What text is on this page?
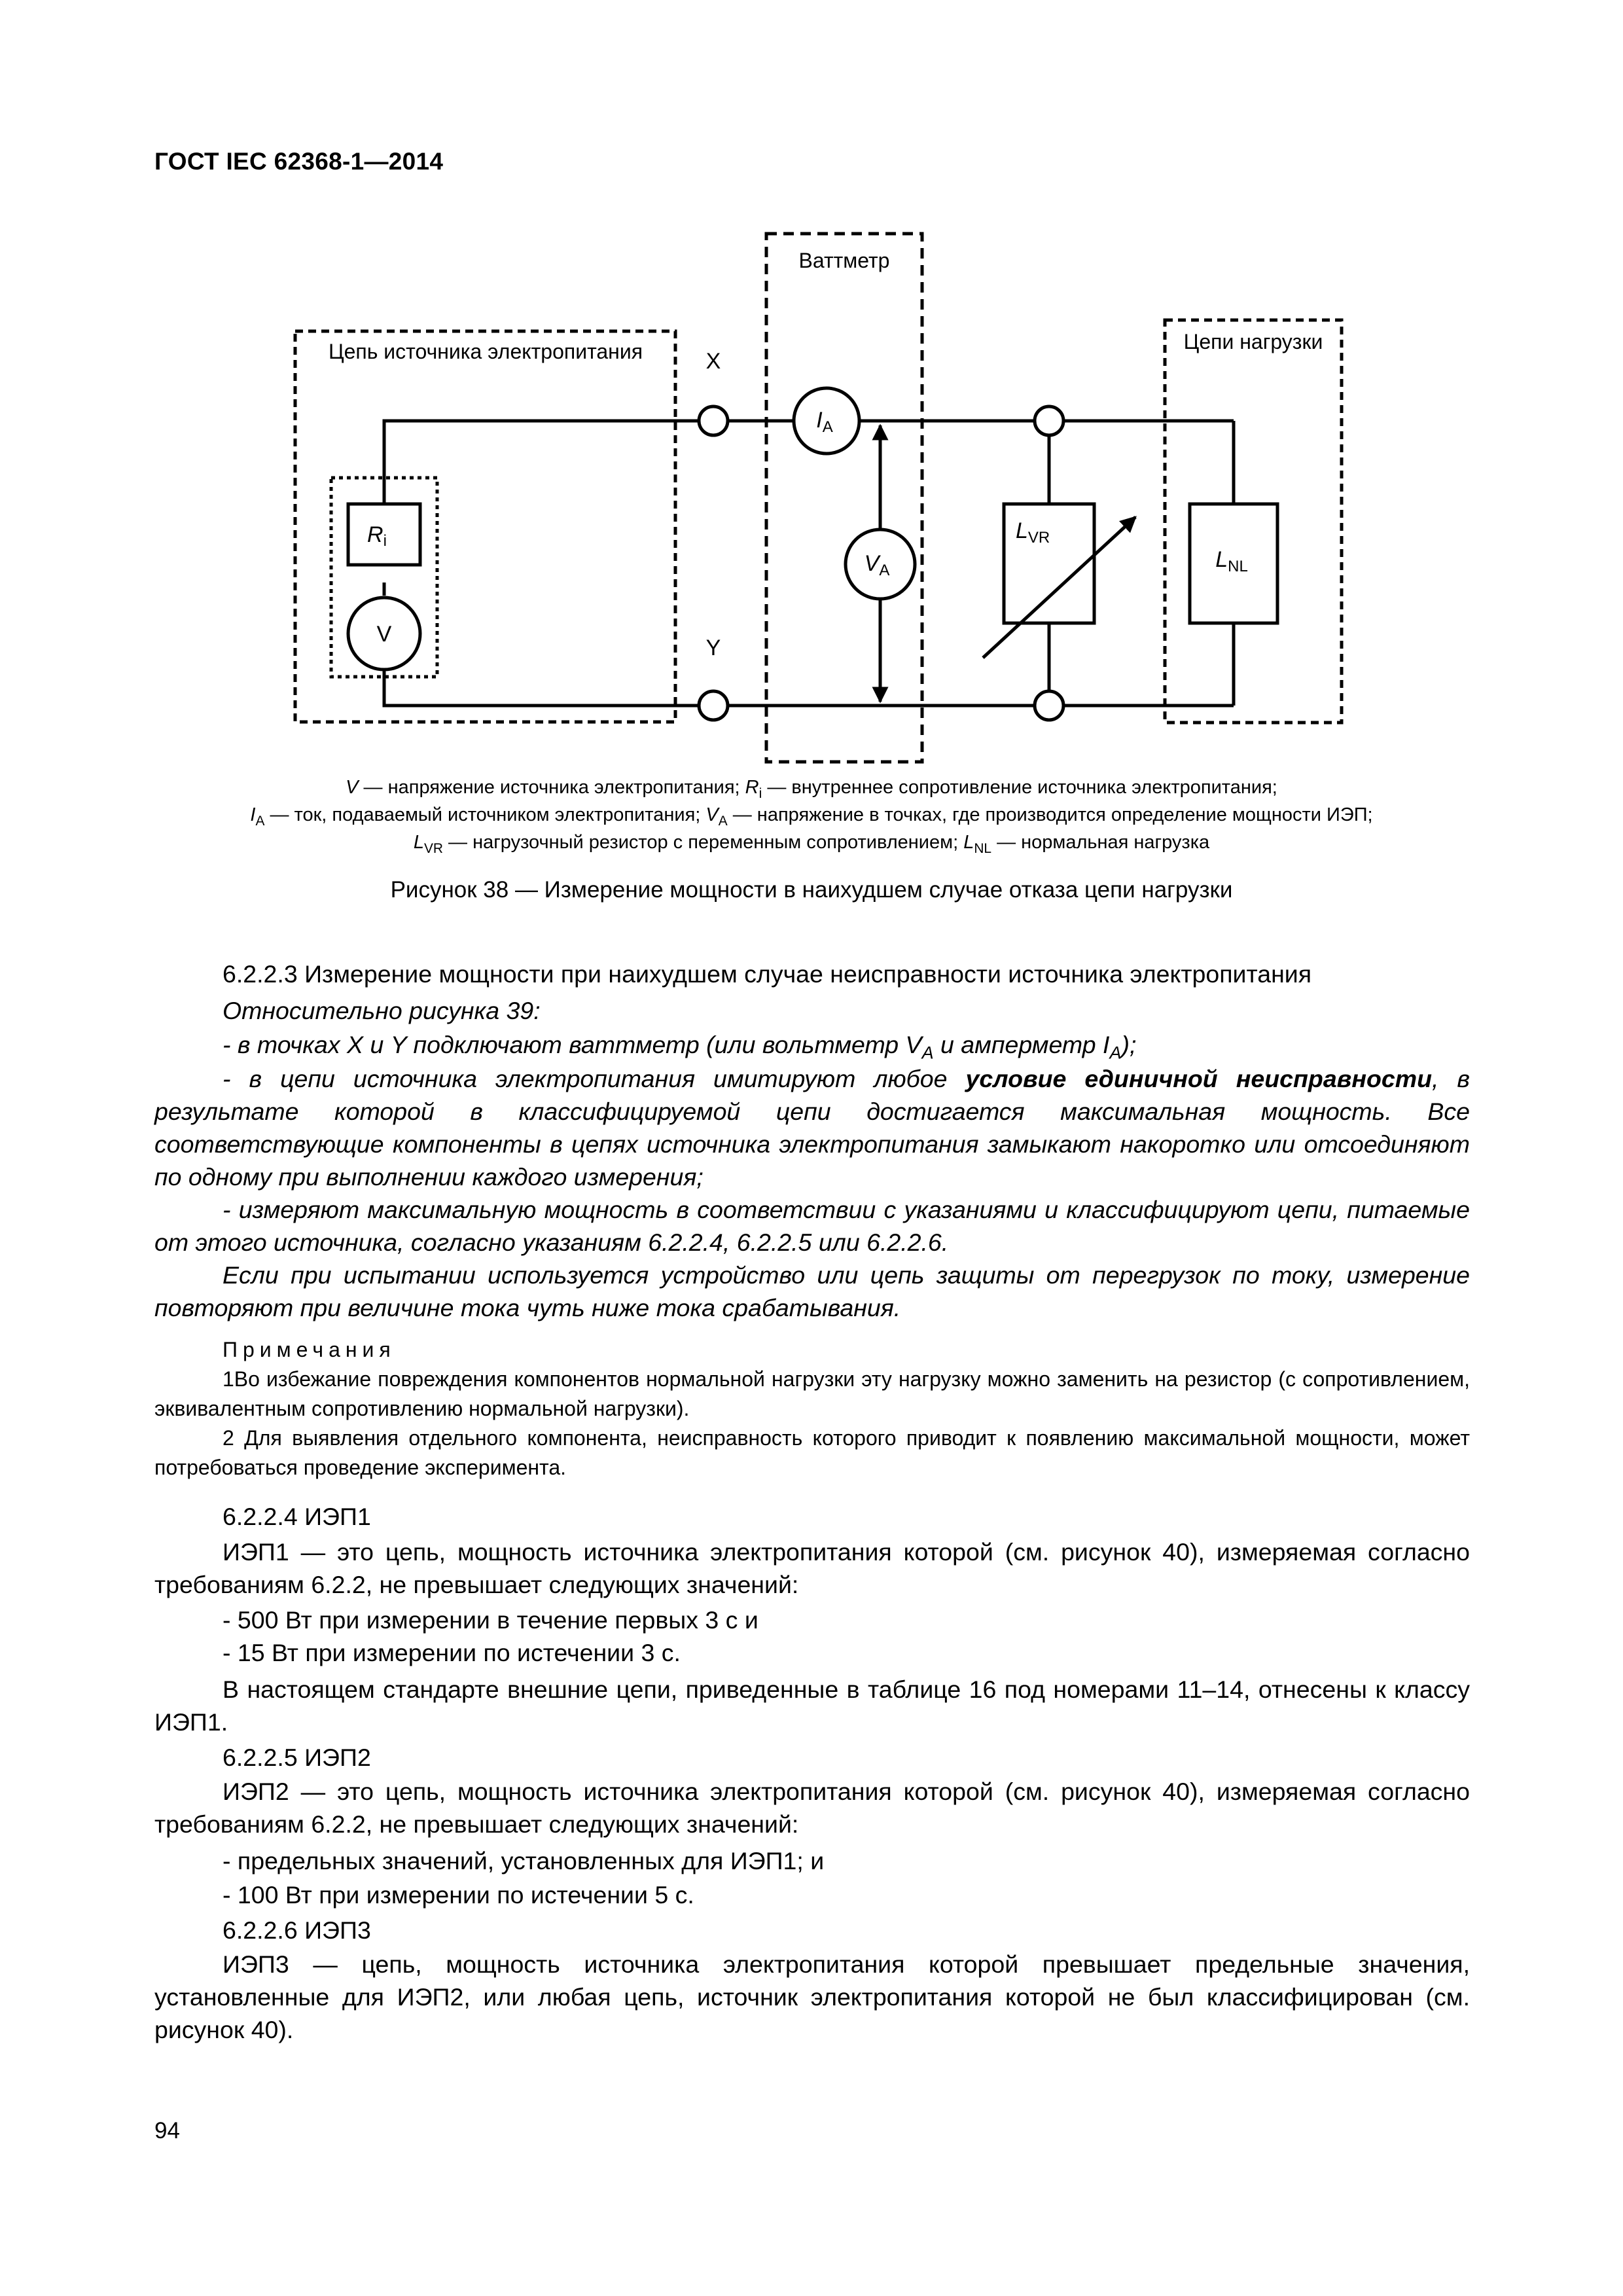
ГОСТ IEC 62368-1—2014
Ваттметр
Цепь источника электропитания	Цепи нагрузки
X
Y
Ri
V
$I_A$
$V_A$
$L_{VR}$
$L_{NL}$
V — напряжение источника электропитания; $R_i$ — внутреннее сопротивление источника электропитания;
$I_A$ — ток, подаваемый источником электропитания; $V_A$ — напряжение в точках, где производится определение мощности ИЭП;
$L_{VR}$ — нагрузочный резистор с переменным сопротивлением; $L_{NL}$ — нормальная нагрузка
Рисунок 38 — Измерение мощности в наихудшем случае отказа цепи нагрузки
6.2.2.3 Измерение мощности при наихудшем случае неисправности источника электропитания
Относительно рисунка 39:
- в точках X и Y подключают ваттметр (или вольтметр $V_A$ и амперметр $I_A$);
- в цепи источника электропитания имитируют любое условие единичной неисправности, в результате которой в классифицируемой цепи достигается максимальная мощность. Все соответствующие компоненты в цепях источника электропитания замыкают накоротко или отсоединяют по одному при выполнении каждого измерения;
- измеряют максимальную мощность в соответствии с указаниями и классифицируют цепи, питаемые от этого источника, согласно указаниям 6.2.2.4, 6.2.2.5 или 6.2.2.6.
Если при испытании используется устройство или цепь защиты от перегрузок по току, измерение повторяют при величине тока чуть ниже тока срабатывания.
Примечания
1Во избежание повреждения компонентов нормальной нагрузки эту нагрузку можно заменить на резистор (с сопротивлением, эквивалентным сопротивлению нормальной нагрузки).
2 Для выявления отдельного компонента, неисправность которого приводит к появлению максимальной мощности, может потребоваться проведение эксперимента.
6.2.2.4 ИЭП1
ИЭП1 — это цепь, мощность источника электропитания которой (см. рисунок 40), измеряемая согласно требованиям 6.2.2, не превышает следующих значений:
- 500 Вт при измерении в течение первых 3 с и
- 15 Вт при измерении по истечении 3 с.
В настоящем стандарте внешние цепи, приведенные в таблице 16 под номерами 11–14, отнесены к классу ИЭП1.
6.2.2.5 ИЭП2
ИЭП2 — это цепь, мощность источника электропитания которой (см. рисунок 40), измеряемая согласно требованиям 6.2.2, не превышает следующих значений:
- предельных значений, установленных для ИЭП1; и
- 100 Вт при измерении по истечении 5 с.
6.2.2.6 ИЭП3
ИЭП3 — цепь, мощность источника электропитания которой превышает предельные значения, установленные для ИЭП2, или любая цепь, источник электропитания которой не был классифицирован (см. рисунок 40).
94
